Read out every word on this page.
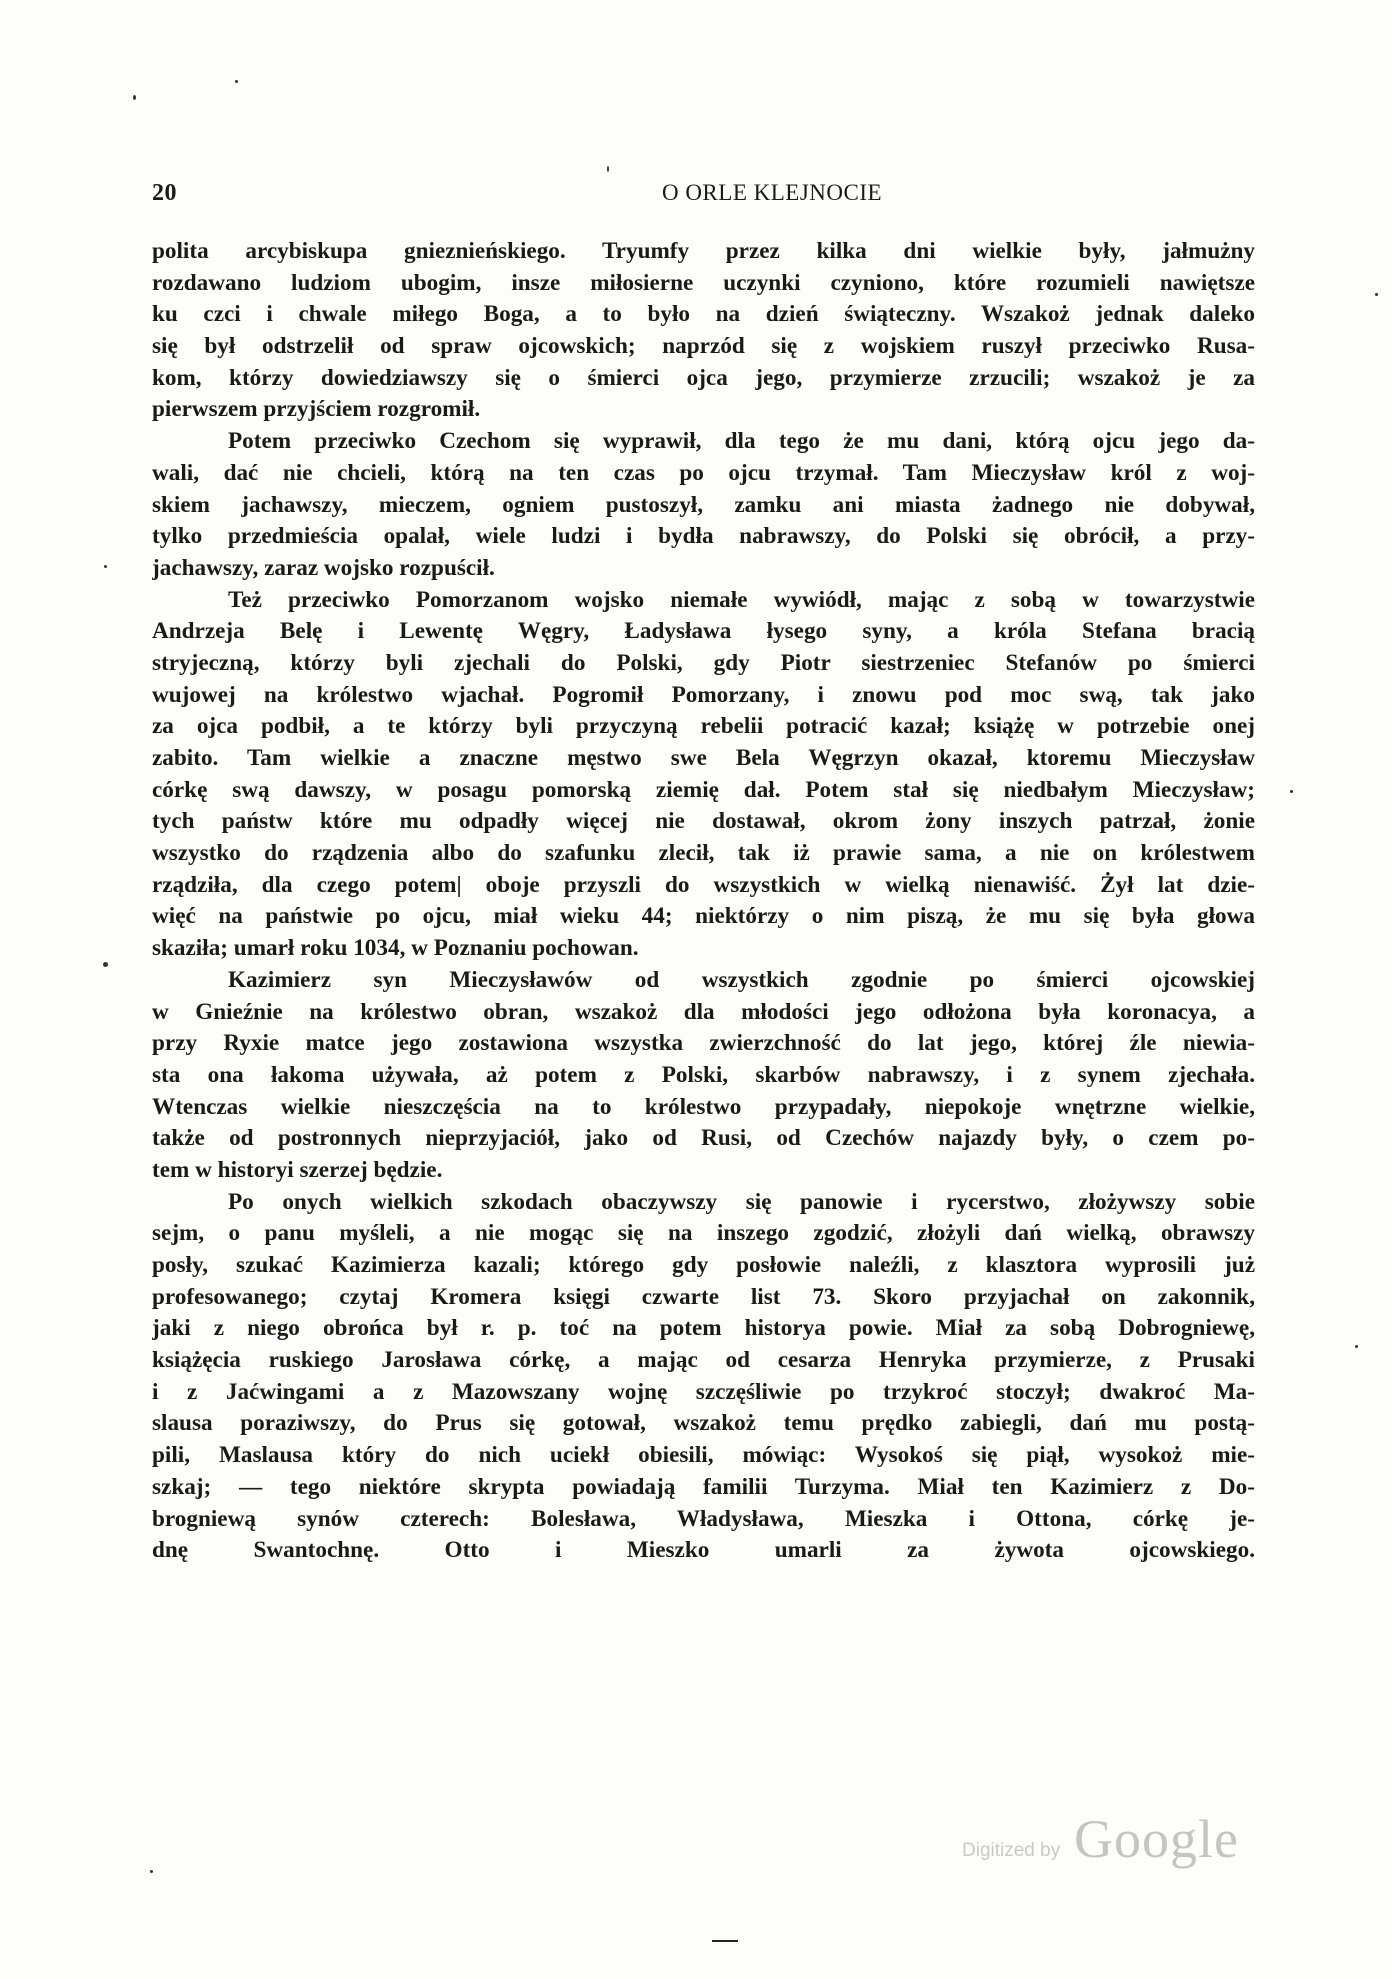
20	O ORLE KLEJNOCIE
polita arcybiskupa gnieznieńskiego. Tryumfy przez kilka dni wielkie były, jałmużny
rozdawano ludziom ubogim, insze miłosierne uczynki czyniono, które rozumieli nawiętsze
ku czci i chwale miłego Boga, a to było na dzień świąteczny. Wszakoż jednak daleko
się był odstrzelił od spraw ojcowskich; naprzód się z wojskiem ruszył przeciwko Rusa-
kom, którzy dowiedziawszy się o śmierci ojca jego, przymierze zrzucili; wszakoż je za
pierwszem przyjściem rozgromił.
Potem przeciwko Czechom się wyprawił, dla tego że mu dani, którą ojcu jego da-
wali, dać nie chcieli, którą na ten czas po ojcu trzymał. Tam Mieczysław król z woj-
skiem jachawszy, mieczem, ogniem pustoszył, zamku ani miasta żadnego nie dobywał,
tylko przedmieścia opalał, wiele ludzi i bydła nabrawszy, do Polski się obrócił, a przy-
jachawszy, zaraz wojsko rozpuścił.
Też przeciwko Pomorzanom wojsko niemałe wywiódł, mając z sobą w towarzystwie
Andrzeja Belę i Lewentę Węgry, Ładysława łysego syny, a króla Stefana bracią
stryjeczną, którzy byli zjechali do Polski, gdy Piotr siestrzeniec Stefanów po śmierci
wujowej na królestwo wjachał. Pogromił Pomorzany, i znowu pod moc swą, tak jako
za ojca podbił, a te którzy byli przyczyną rebelii potracić kazał; książę w potrzebie onej
zabito. Tam wielkie a znaczne męstwo swe Bela Węgrzyn okazał, ktoremu Mieczysław
córkę swą dawszy, w posagu pomorską ziemię dał. Potem stał się niedbałym Mieczysław;
tych państw które mu odpadły więcej nie dostawał, okrom żony inszych patrzał, żonie
wszystko do rządzenia albo do szafunku zlecił, tak iż prawie sama, a nie on królestwem
rządziła, dla czego potem| oboje przyszli do wszystkich w wielką nienawiść. Żył lat dzie-
więć na państwie po ojcu, miał wieku 44; niektórzy o nim piszą, że mu się była głowa
skaziła; umarł roku 1034, w Poznaniu pochowan.
Kazimierz syn Mieczysławów od wszystkich zgodnie po śmierci ojcowskiej
w Gnieźnie na królestwo obran, wszakoż dla młodości jego odłożona była koronacya, a
przy Ryxie matce jego zostawiona wszystka zwierzchność do lat jego, której źle niewia-
sta ona łakoma używała, aż potem z Polski, skarbów nabrawszy, i z synem zjechała.
Wtenczas wielkie nieszczęścia na to królestwo przypadały, niepokoje wnętrzne wielkie,
także od postronnych nieprzyjaciół, jako od Rusi, od Czechów najazdy były, o czem po-
tem w historyi szerzej będzie.
Po onych wielkich szkodach obaczywszy się panowie i rycerstwo, złożywszy sobie
sejm, o panu myśleli, a nie mogąc się na inszego zgodzić, złożyli dań wielką, obrawszy
posły, szukać Kazimierza kazali; którego gdy posłowie naleźli, z klasztora wyprosili już
profesowanego; czytaj Kromera księgi czwarte list 73. Skoro przyjachał on zakonnik,
jaki z niego obrońca był r. p. toć na potem historya powie. Miał za sobą Dobrogniewę,
książęcia ruskiego Jarosława córkę, a mając od cesarza Henryka przymierze, z Prusaki
i z Jaćwingami a z Mazowszany wojnę szczęśliwie po trzykroć stoczył; dwakroć Ma-
slausa poraziwszy, do Prus się gotował, wszakoż temu prędko zabiegli, dań mu postą-
pili, Maslausa który do nich uciekł obiesili, mówiąc: Wysokoś się piął, wysokoż mie-
szkaj; — tego niektóre skrypta powiadają familii Turzyma. Miał ten Kazimierz z Do-
brogniewą synów czterech: Bolesława, Władysława, Mieszka i Ottona, córkę je-
dnę Swantochnę. Otto i Mieszko umarli za żywota ojcowskiego.
Digitized by Google
